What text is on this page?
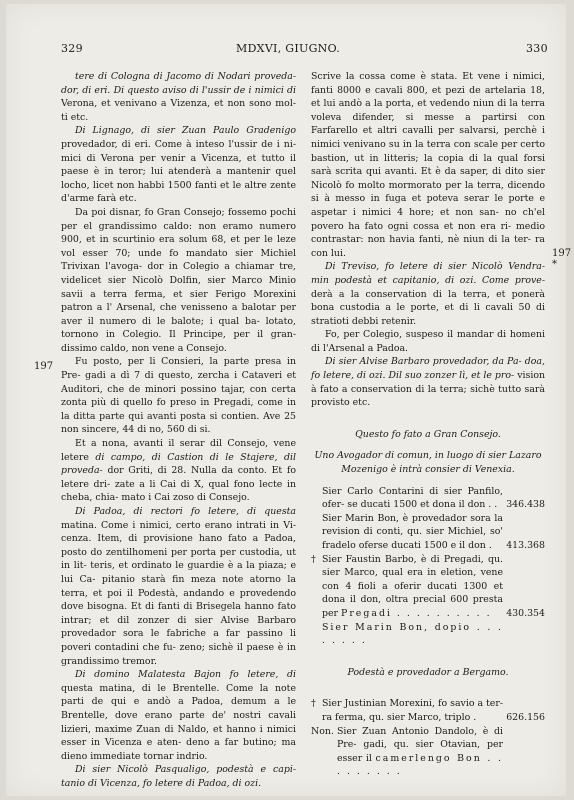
329	MDXVI, GIUGNO.	330
197
197 *
tere di Cologna di Jacomo di Nodari proveda- dor, di eri. Di questo aviso di l'ussir de i nimici di Verona, et venivano a Vizenza, et non sono mol- ti etc.
Di Lignago, di sier Zuan Paulo Gradenigo provedador, di eri. Come à inteso l'ussir de i ni- mici di Verona per venir a Vicenza, et tutto il paese è in teror; lui atenderà a mantenir quel locho, licet non habbi 1500 fanti et le altre zente d'arme farà etc.
Da poi disnar, fo Gran Consejo; fossemo pochi per el grandissimo caldo: non eramo numero 900, et in scurtinio era solum 68, et per le leze vol esser 70; unde fo mandato sier Michiel Trivixan l'avoga- dor in Colegio a chiamar tre, videlicet sier Nicolò Dolfin, sier Marco Minio savii a terra ferma, et sier Ferigo Morexini patron a l' Arsenal, che venisseno a balotar per aver il numero di le balote; i qual ba- lotato, tornono in Colegio. Il Principe, per il gran- dissimo caldo, non vene a Consejo.
Fu posto, per li Consieri, la parte presa in Pre- gadi a dì 7 di questo, zercha i Cataveri et Auditori, che de minori possino tajar, con certa zonta più di quello fo preso in Pregadi, come in la ditta parte qui avanti posta si contien. Ave 25 non sincere, 44 di no, 560 di si.
Et a nona, avanti il serar dil Consejo, vene letere di campo, di Castion di le Stajere, dil proveda- dor Griti, di 28. Nulla da conto. Et fo letere dri- zate a li Cai di X, qual fono lecte in cheba, chia- mato i Cai zoso di Consejo.
Di Padoa, di rectori fo letere, di questa matina. Come i nimici, certo erano intrati in Vi- cenza. Item, di provisione hano fato a Padoa, posto do zentilhomeni per porta per custodia, ut in lit- teris, et ordinato le guardie è a la piaza; e lui Ca- pitanio starà fin meza note atorno la terra, et poi il Podestà, andando e provedendo dove bisogna. Et di fanti di Brisegela hanno fato intrar; et dil zonzer di sier Alvise Barbaro provedador sora le fabriche a far passino li poveri contadini che fu- zeno; sichè il paese è in grandissimo tremor.
Di domino Malatesta Bajon fo letere, di questa matina, di le Brentelle. Come la note parti de qui e andò a Padoa, demum a le Brentelle, dove erano parte de' nostri cavali lizieri, maxime Zuan di Naldo, et hanno i nimici esser in Vicenza e aten- deno a far butino; ma dieno immediate tornar indrio.
Di sier Nicolò Pasqualigo, podestà e capi- tanio di Vicenza, fo letere di Padoa, di ozi.
Scrive la cossa come è stata. Et vene i nimici, fanti 8000 e cavali 800, et pezi de artelaria 18, et lui andò a la porta, et vedendo niun di la terra voleva difender, si messe a partirsi con Farfarello et altri cavalli per salvarsi, perchè i nimici venivano su in la terra con scale per certo bastion, ut in litteris; la copia di la qual forsi sarà scrita qui avanti. Et è da saper, di dito sier Nicolò fo molto mormorato per la terra, dicendo si à messo in fuga et poteva serar le porte e aspetar i nimici 4 hore; et non san- no ch'el povero ha fato ogni cossa et non era ri- medio contrastar: non havia fanti, nè niun di la ter- ra con lui.
Di Treviso, fo letere di sier Nicolò Vendra- min podestà et capitanio, di ozi. Come prove- derà a la conservation di la terra, et ponerà bona custodia a le porte, et di li cavali 50 di stratioti debbi retenir.
Fo, per Colegio, suspeso il mandar di homeni di l'Arsenal a Padoa.
Di sier Alvise Barbaro provedador, da Pa- doa, fo letere, di ozi. Dil suo zonzer lì, et le pro- vision à fato a conservation di la terra; sichè tutto sarà provisto etc.
Questo fo fato a Gran Consejo.
Uno Avogador di comun, in luogo di sier Lazaro Mozenigo è intrà consier di Venexia.
Sier Carlo Contarini di sier Panfilo, ofer- se ducati 1500 et dona il don . . 346.438
Sier Marin Bon, è provedador sora la revision di conti, qu. sier Michiel, so' fradelo oferse ducati 1500 e il don .	413.368
† Sier Faustin Barbo, è di Pregadi, qu. sier Marco, qual era in eletion, vene con 4 fioli a oferir ducati 1300 et dona il don, oltra precial 600 presta per Pregadi . . . . . . . . . .	430.354
Sier Marin Bon, dopio . . . . . . . .
Podestà e provedador a Bergamo.
† Sier Justinian Morexini, fo savio a ter- ra ferma, qu. sier Marco, triplo .	626.156
Non. Sier Zuan Antonio Dandolo, è di Pre- gadi, qu. sier Otavian, per esser il camerlengo Bon . . . . . . . . .
